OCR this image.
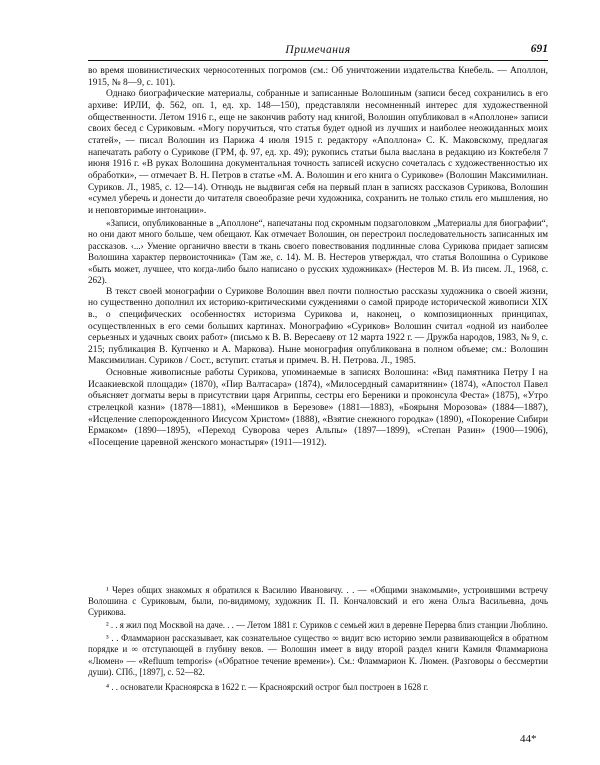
Примечания	691

во время шовинистических черносотенных погромов (см.: Об уничтожении издательства Кнебель. — Аполлон, 1915, № 8—9, с. 101).

Однако биографические материалы, собранные и записанные Волошиным (записи бесед сохранились в его архиве: ИРЛИ, ф. 562, оп. 1, ед. хр. 148—150), представляли несомненный интерес для художественной общественности. Летом 1916 г., еще не закончив работу над книгой, Волошин опубликовал в «Аполлоне» записи своих бесед с Суриковым. «Могу поручиться, что статья будет одной из лучших и наиболее неожиданных моих статей», — писал Волошин из Парижа 4 июля 1915 г. редактору «Аполлона» С. К. Маковскому, предлагая напечатать работу о Сурикове (ГРМ, ф. 97, ед. хр. 49); рукопись статьи была выслана в редакцию из Коктебеля 7 июня 1916 г. «В руках Волошина документальная точность записей искусно сочеталась с художественностью их обработки», — отмечает В. Н. Петров в статье «М. А. Волошин и его книга о Сурикове» (Волошин Максимилиан. Суриков. Л., 1985, с. 12—14). Отнюдь не выдвигая себя на первый план в записях рассказов Сурикова, Волошин «сумел уберечь и донести до читателя своеобразие речи художника, сохранить не только стиль его мышления, но и неповторимые интонации».

«Записи, опубликованные в „Аполлоне“, напечатаны под скромным подзаголовком „Материалы для биографии“, но они дают много больше, чем обещают. Как отмечает Волошин, он перестроил последовательность записанных им рассказов. ‹...› Умение органично ввести в ткань своего повествования подлинные слова Сурикова придает записям Волошина характер первоисточника» (Там же, с. 14). М. В. Нестеров утверждал, что статья Волошина о Сурикове «быть может, лучшее, что когда-либо было написано о русских художниках» (Нестеров М. В. Из писем. Л., 1968, с. 262).

В текст своей монографии о Сурикове Волошин ввел почти полностью рассказы художника о своей жизни, но существенно дополнил их историко-критическими суждениями о самой природе исторической живописи XIX в., о специфических особенностях историзма Сурикова и, наконец, о композиционных принципах, осуществленных в его семи больших картинах. Монографию «Суриков» Волошин считал «одной из наиболее серьезных и удачных своих работ» (письмо к В. В. Вересаеву от 12 марта 1922 г. — Дружба народов, 1983, № 9, с. 215; публикация В. Купченко и А. Маркова). Ныне монография опубликована в полном объеме; см.: Волошин Максимилиан. Суриков / Сост., вступит. статья и примеч. В. Н. Петрова. Л., 1985.

Основные живописные работы Сурикова, упоминаемые в записях Волошина: «Вид памятника Петру I на Исаакиевской площади» (1870), «Пир Валтасара» (1874), «Милосердный самаритянин» (1874), «Апостол Павел объясняет догматы веры в присутствии царя Агриппы, сестры его Береники и проконсула Феста» (1875), «Утро стрелецкой казни» (1878—1881), «Меншиков в Березове» (1881—1883), «Боярыня Морозова» (1884—1887), «Исцеление слепорожденного Иисусом Христом» (1888), «Взятие снежного городка» (1890), «Покорение Сибири Ермаком» (1890—1895), «Переход Суворова через Альпы» (1897—1899), «Степан Разин» (1900—1906), «Посещение царевной женского монастыря» (1911—1912).

¹ Через общих знакомых я обратился к Василию Ивановичу. . . — «Общими знакомыми», устроившими встречу Волошина с Суриковым, были, по-видимому, художник П. П. Кончаловский и его жена Ольга Васильевна, дочь Сурикова.

² . . я жил под Москвой на даче. . . — Летом 1881 г. Суриков с семьей жил в деревне Перерва близ станции Люблино.

³ . . Фламмарион рассказывает, как сознательное существо ∞ видит всю историю земли развивающейся в обратном порядке и ∞ отступающей в глубину веков. — Волошин имеет в виду второй раздел книги Камиля Фламмариона «Люмен» — «Refluum temporis» («Обратное течение времени»). См.: Фламмарион К. Люмен. (Разговоры о бессмертии души). СПб., [1897], с. 52—82.

⁴ . . основатели Красноярска в 1622 г. — Красноярский острог был построен в 1628 г.

44*
